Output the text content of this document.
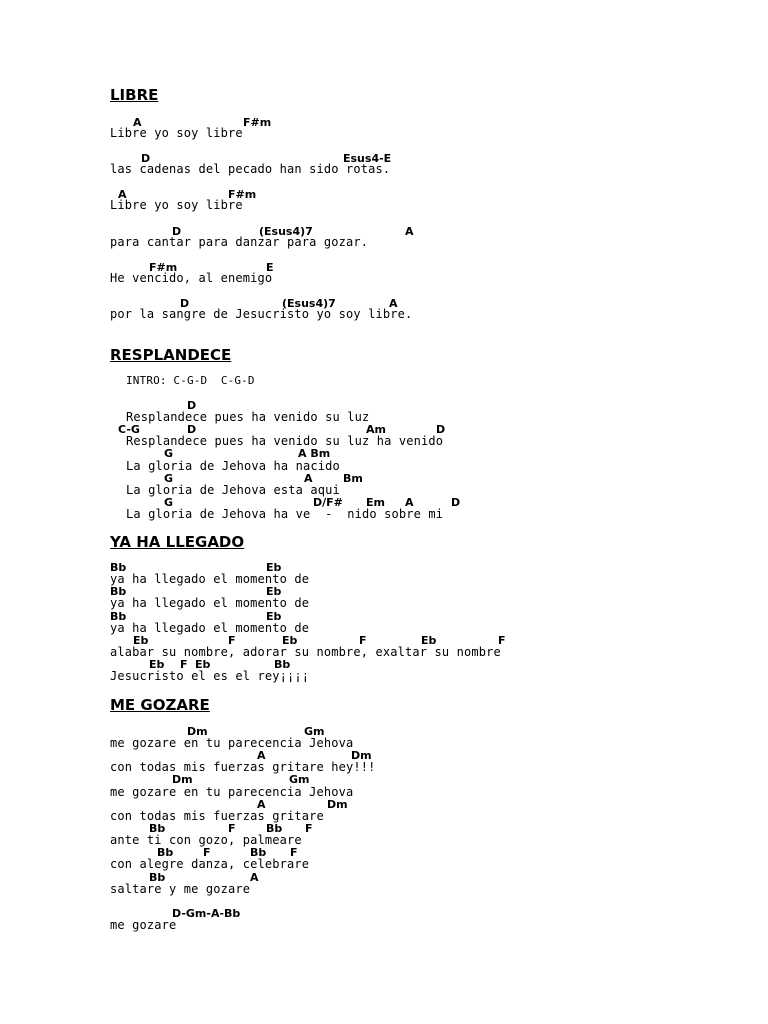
LIBRE
A	F#m
Libre yo soy libre
D	Esus4-E
las cadenas del pecado han sido rotas.
A	F#m
Libre yo soy libre
D	(Esus4)7	A
para cantar para danzar para gozar.
F#m	E
He vencido, al enemigo
D	(Esus4)7	A
por la sangre de Jesucristo yo soy libre.
RESPLANDECE
INTRO: C-G-D  C-G-D
D
Resplandece pues ha venido su luz
C-G	D	Am	D
Resplandece pues ha venido su luz ha venido
G	A Bm
La gloria de Jehova ha nacido
G	A	Bm
La gloria de Jehova esta aqui
G	D/F# Em A	D
La gloria de Jehova ha ve  -  nido sobre mi
YA HA LLEGADO
Bb	Eb
ya ha llegado el momento de
Bb	Eb
ya ha llegado el momento de
Bb	Eb
ya ha llegado el momento de
Eb	F	Eb	F	Eb	F
alabar su nombre, adorar su nombre, exaltar su nombre
Eb F Eb	Bb
Jesucristo el es el rey¡¡¡¡
ME GOZARE
Dm	Gm
me gozare en tu parecencia Jehova
A	Dm
con todas mis fuerzas gritare hey!!!
Dm	Gm
me gozare en tu parecencia Jehova
A	Dm
con todas mis fuerzas gritare
Bb	F	Bb F
ante ti con gozo, palmeare
Bb	F	Bb F
con alegre danza, celebrare
Bb	A
saltare y me gozare
D-Gm-A-Bb
me gozare
